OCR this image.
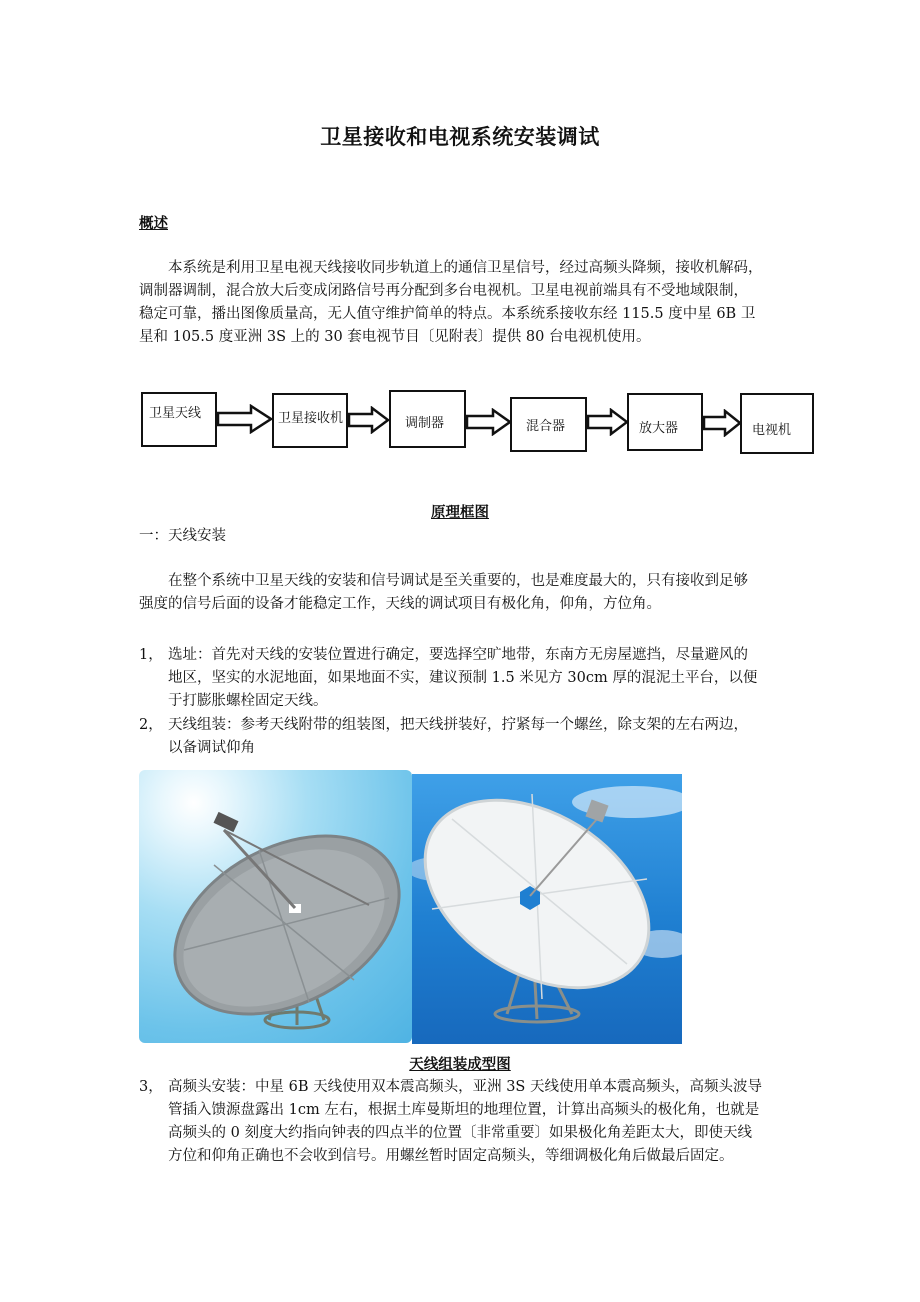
卫星接收和电视系统安装调试
概述

本系统是利用卫星电视天线接收同步轨道上的通信卫星信号，经过高频头降频，接收机解码，

调制器调制，混合放大后变成闭路信号再分配到多台电视机。卫星电视前端具有不受地域限制，

稳定可靠，播出图像质量高，无人值守维护简单的特点。本系统系接收东经 115.5 度中星 6B 卫

星和 105.5 度亚洲 3S 上的 30 套电视节目〔见附表〕提供 80 台电视机使用。

卫星天线	卫星接收机	调制器	混合器	放大器	电视机
原理框图
一：天线安装

在整个系统中卫星天线的安装和信号调试是至关重要的，也是难度最大的，只有接收到足够

强度的信号后面的设备才能稳定工作，天线的调试项目有极化角，仰角，方位角。

1， 选址：首先对天线的安装位置进行确定，要选择空旷地带，东南方无房屋遮挡，尽量避风的
地区，坚实的水泥地面，如果地面不实，建议预制 1.5 米见方 30cm 厚的混泥土平台，以便
于打膨胀螺栓固定天线。
2， 天线组装：参考天线附带的组装图，把天线拼装好，拧紧每一个螺丝，除支架的左右两边，
以备调试仰角
天线组装成型图
3， 高频头安装：中星 6B 天线使用双本震高频头，亚洲 3S 天线使用单本震高频头，高频头波导
管插入馈源盘露出 1cm 左右，根据土库曼斯坦的地理位置，计算出高频头的极化角，也就是
高频头的 0 刻度大约指向钟表的四点半的位置〔非常重要〕如果极化角差距太大，即使天线
方位和仰角正确也不会收到信号。用螺丝暂时固定高频头，等细调极化角后做最后固定。
